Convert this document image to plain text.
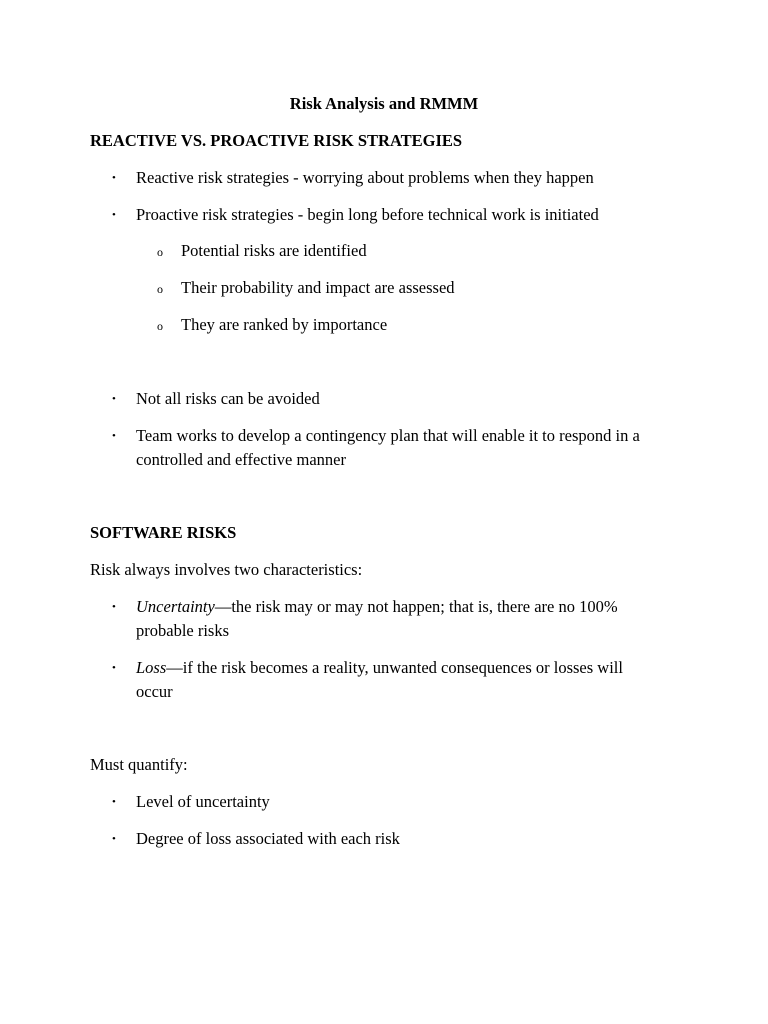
Risk Analysis and RMMM
REACTIVE VS. PROACTIVE RISK STRATEGIES
• Reactive risk strategies - worrying about problems when they happen
• Proactive risk strategies - begin long before technical work is initiated
o Potential risks are identified
o Their probability and impact are assessed
o They are ranked by importance
• Not all risks can be avoided
• Team works to develop a contingency plan that will enable it to respond in a
controlled and effective manner
SOFTWARE RISKS
Risk always involves two characteristics:
• Uncertainty—the risk may or may not happen; that is, there are no 100%
probable risks
• Loss—if the risk becomes a reality, unwanted consequences or losses will
occur
Must quantify:
• Level of uncertainty
• Degree of loss associated with each risk
